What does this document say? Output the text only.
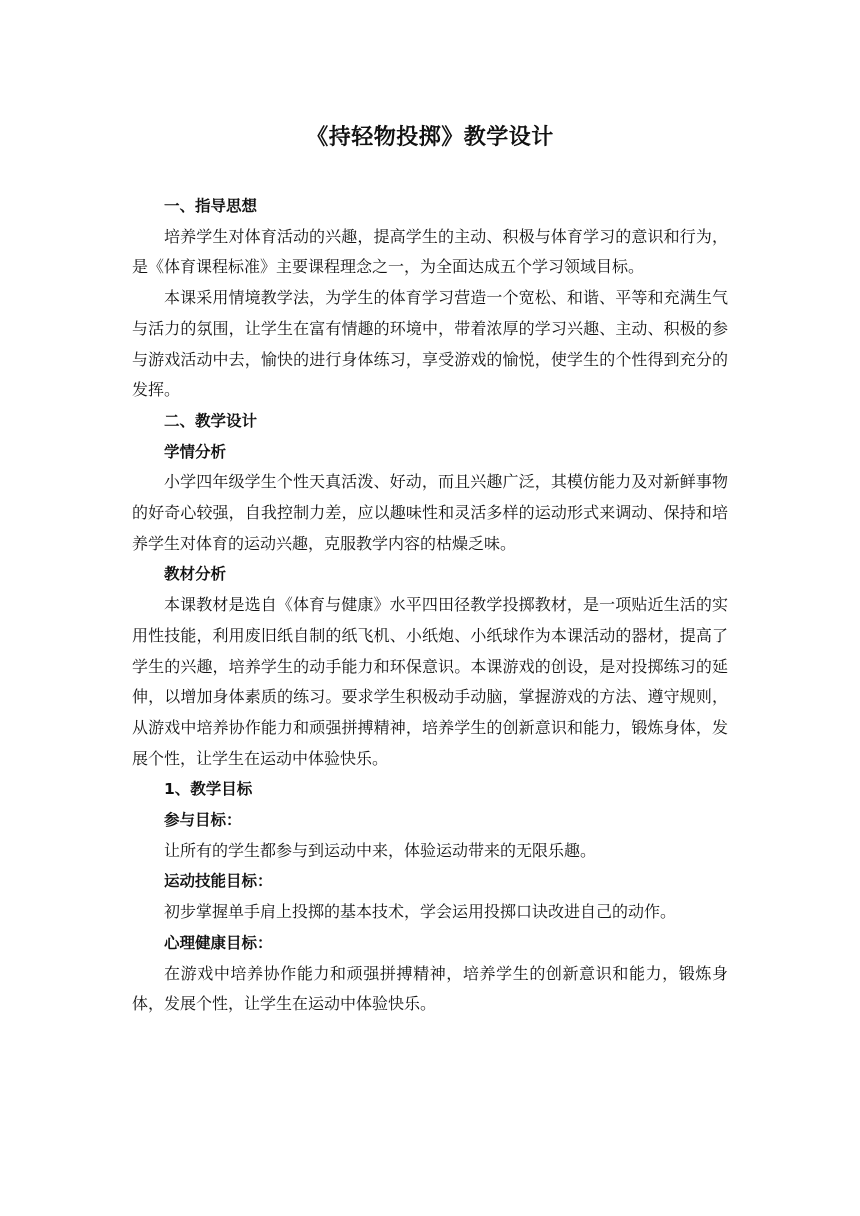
《持轻物投掷》教学设计

一、指导思想

培养学生对体育活动的兴趣，提高学生的主动、积极与体育学习的意识和行为，是《体育课程标准》主要课程理念之一，为全面达成五个学习领域目标。

本课采用情境教学法，为学生的体育学习营造一个宽松、和谐、平等和充满生气与活力的氛围，让学生在富有情趣的环境中，带着浓厚的学习兴趣、主动、积极的参与游戏活动中去，愉快的进行身体练习，享受游戏的愉悦，使学生的个性得到充分的发挥。

二、教学设计

学情分析

小学四年级学生个性天真活泼、好动，而且兴趣广泛，其模仿能力及对新鲜事物的好奇心较强，自我控制力差，应以趣味性和灵活多样的运动形式来调动、保持和培养学生对体育的运动兴趣，克服教学内容的枯燥乏味。

教材分析

本课教材是选自《体育与健康》水平四田径教学投掷教材，是一项贴近生活的实用性技能，利用废旧纸自制的纸飞机、小纸炮、小纸球作为本课活动的器材，提高了学生的兴趣，培养学生的动手能力和环保意识。本课游戏的创设，是对投掷练习的延伸，以增加身体素质的练习。要求学生积极动手动脑，掌握游戏的方法、遵守规则，从游戏中培养协作能力和顽强拼搏精神，培养学生的创新意识和能力，锻炼身体，发展个性，让学生在运动中体验快乐。

1、教学目标

参与目标：

让所有的学生都参与到运动中来，体验运动带来的无限乐趣。

运动技能目标：

初步掌握单手肩上投掷的基本技术，学会运用投掷口诀改进自己的动作。

心理健康目标：

在游戏中培养协作能力和顽强拼搏精神，培养学生的创新意识和能力，锻炼身体，发展个性，让学生在运动中体验快乐。
